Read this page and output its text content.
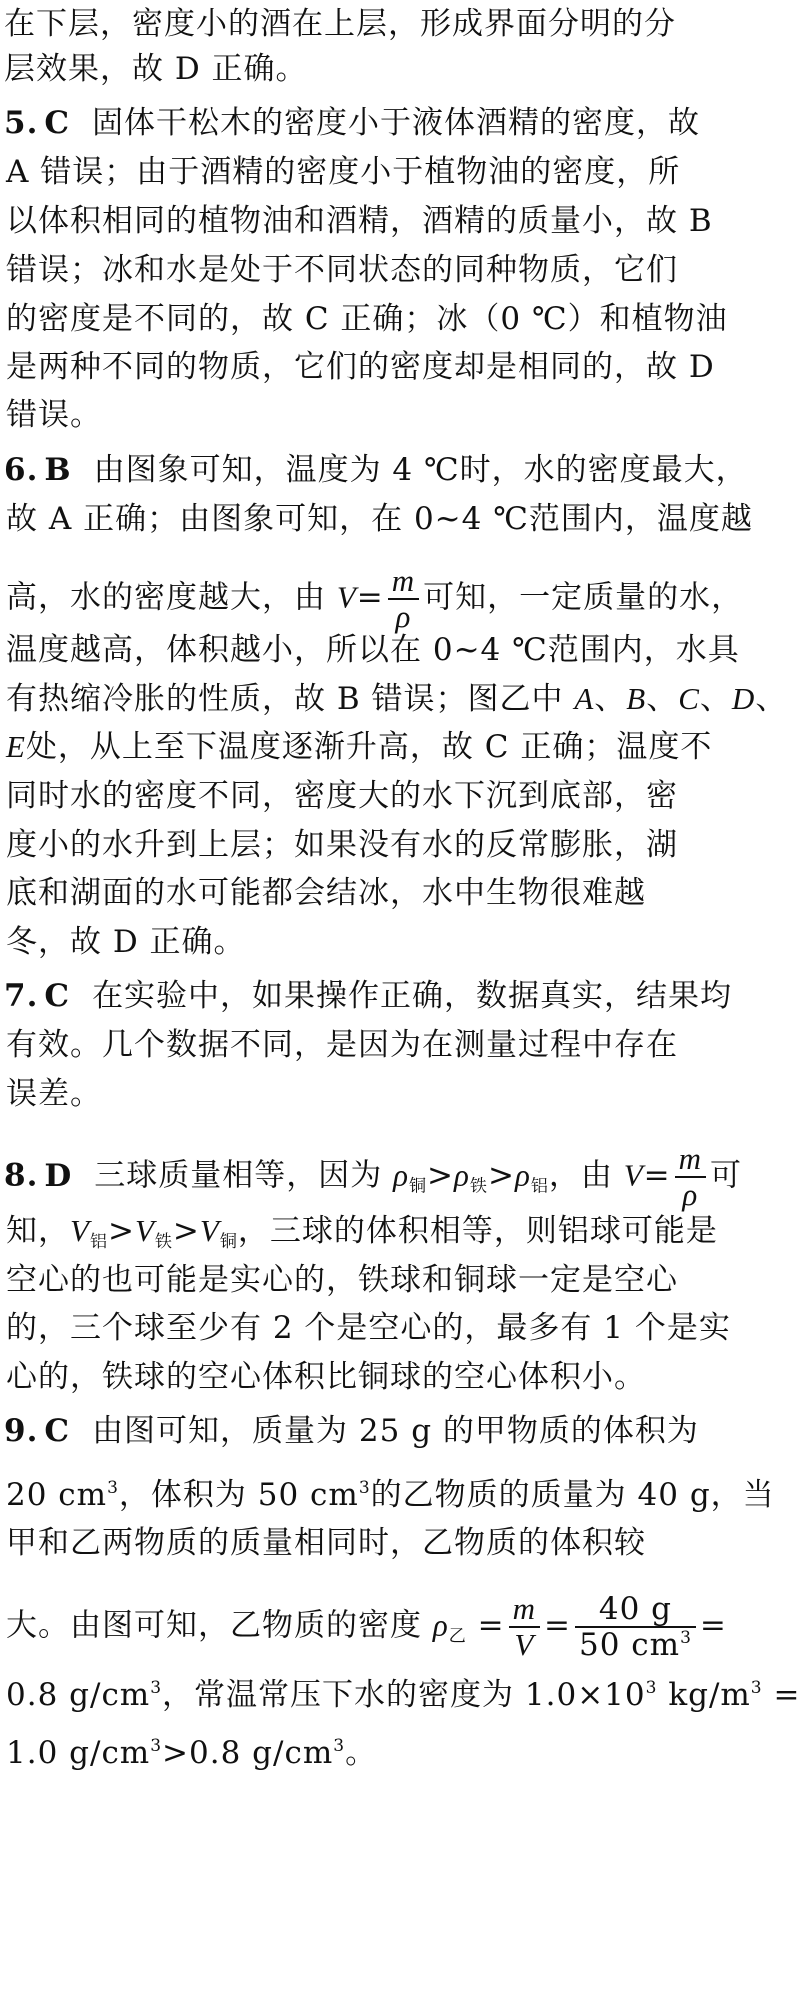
在下层，密度小的酒在上层，形成界面分明的分
层效果，故 D 正确。
5. C 固体干松木的密度小于液体酒精的密度，故
A 错误；由于酒精的密度小于植物油的密度，所
以体积相同的植物油和酒精，酒精的质量小，故 B
错误；冰和水是处于不同状态的同种物质，它们
的密度是不同的，故 C 正确；冰（0 ℃）和植物油
是两种不同的物质，它们的密度却是相同的，故 D
错误。
6. B 由图象可知，温度为 4 ℃时，水的密度最大，
故 A 正确；由图象可知，在 0~4 ℃范围内，温度越
高，水的密度越大，由 $V= \frac{m}{\rho}$ 可知，一定质量的水，
温度越高，体积越小，所以在 0~4 ℃范围内，水具
有热缩冷胀的性质，故 B 错误；图乙中 A、B、C、D、
E处，从上至下温度逐渐升高，故 C 正确；温度不
同时水的密度不同，密度大的水下沉到底部，密
度小的水升到上层；如果没有水的反常膨胀，湖
底和湖面的水可能都会结冰，水中生物很难越
冬，故 D 正确。
7. C 在实验中，如果操作正确，数据真实，结果均
有效。几个数据不同，是因为在测量过程中存在
误差。
8. D 三球质量相等，因为 $\rho_铜>\rho_铁>\rho_铝$，由 $V= \frac{m}{\rho}$ 可
知，$V_铝>V_铁>V_铜$，三球的体积相等，则铝球可能是
空心的也可能是实心的，铁球和铜球一定是空心
的，三个球至少有 2 个是空心的，最多有 1 个是实
心的，铁球的空心体积比铜球的空心体积小。
9. C 由图可知，质量为 25 g 的甲物质的体积为
20 $cm^3$，体积为 50 $cm^3$的乙物质的质量为 40 g，当
甲和乙两物质的质量相同时，乙物质的体积较
大。由图可知，乙物质的密度 $\rho_乙 = \frac{m}{V} = \frac{40 g}{50 cm^3}$ =
0.8 $g/cm^3$，常温常压下水的密度为 $1.0\times 10^3$ $kg/m^3$ =
1.0 $g/cm^3>0.8$ $g/cm^3$。
